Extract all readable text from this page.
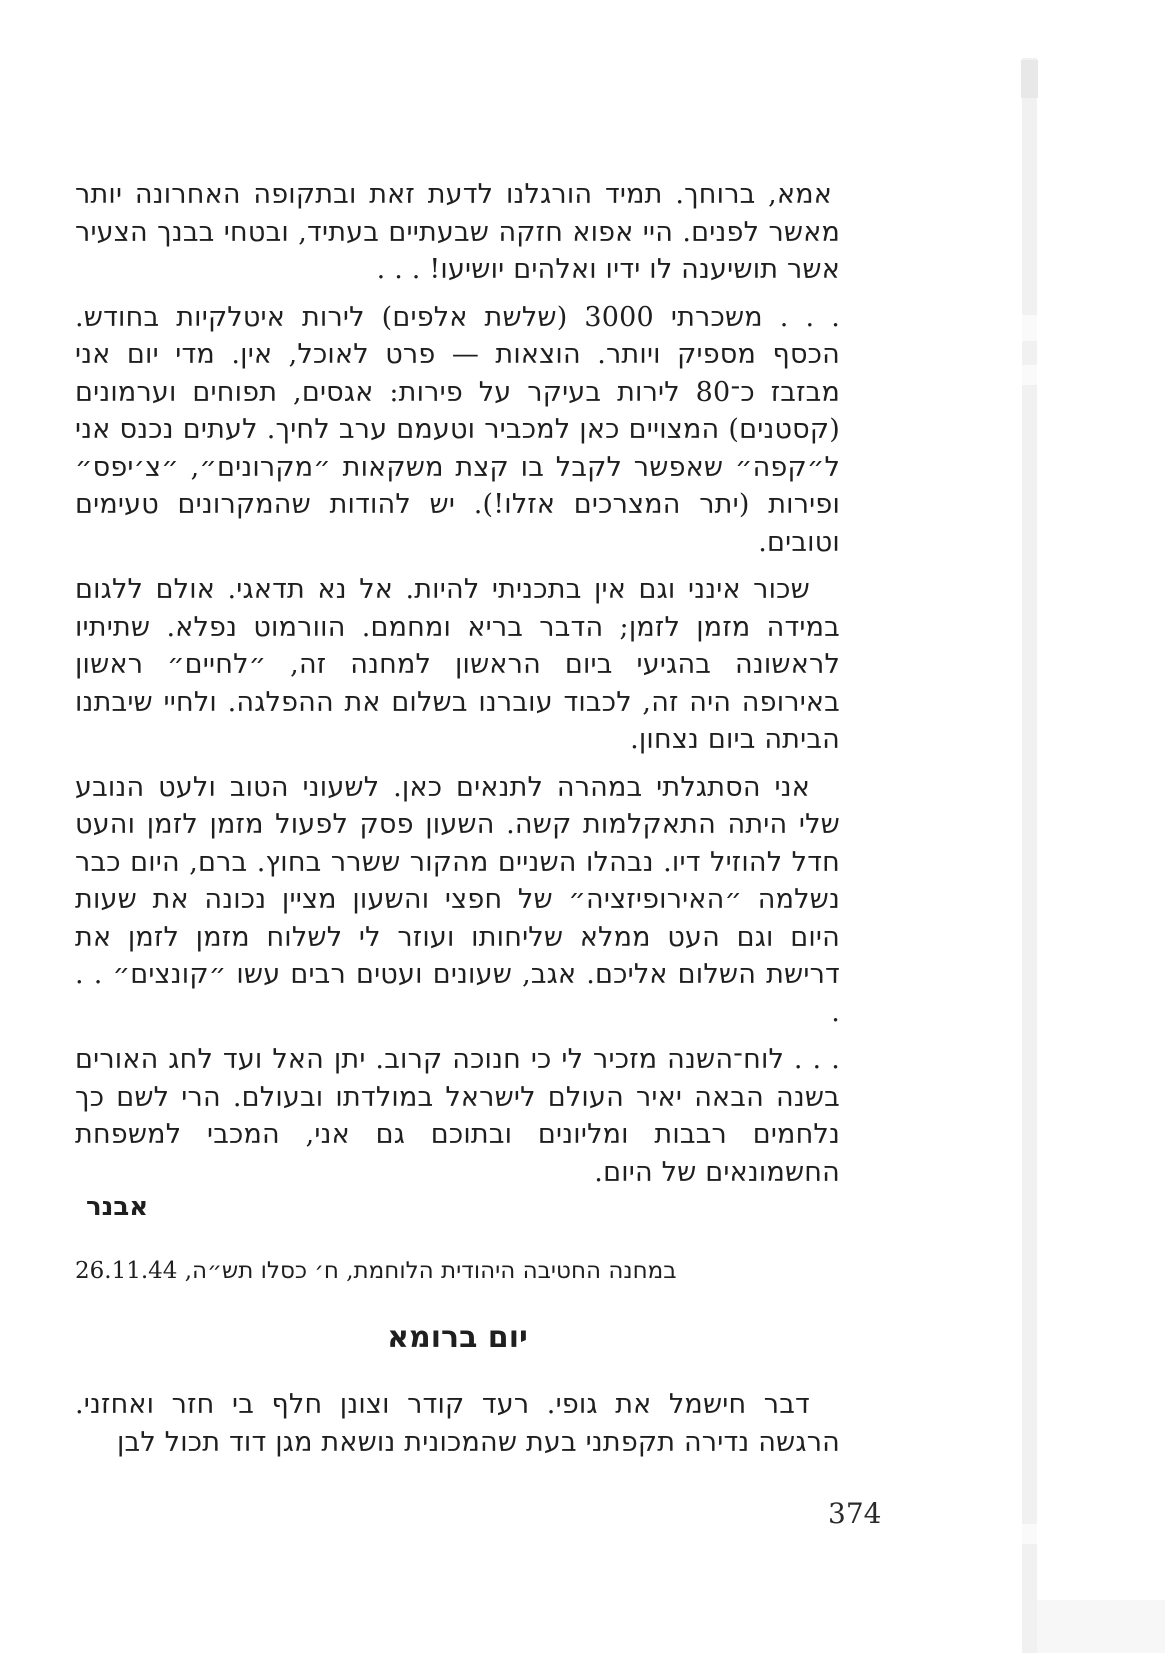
אמא, ברוחך. תמיד הורגלנו לדעת זאת ובתקופה האחרונה יותר מאשר לפנים. היי אפוא חזקה שבעתיים בעתיד, ובטחי בבנך הצעיר אשר תושיענה לו ידיו ואלהים יושיעו! . . .

. . . משכרתי 3000 (שלשת אלפים) לירות איטלקיות בחודש. הכסף מספיק ויותר. הוצאות — פרט לאוכל, אין. מדי יום אני מבזבז כ־80 לירות בעיקר על פירות: אגסים, תפוחים וערמונים (קסטנים) המצויים כאן למכביר וטעמם ערב לחיך. לעתים נכנס אני ל״קפה״ שאפשר לקבל בו קצת משקאות ״מקרונים״, ״צ׳יפס״ ופירות (יתר המצרכים אזלו!). יש להודות שהמקרונים טעימים וטובים.

שכור אינני וגם אין בתכניתי להיות. אל נא תדאגי. אולם ללגום במידה מזמן לזמן; הדבר בריא ומחמם. הוורמוט נפלא. שתיתיו לראשונה בהגיעי ביום הראשון למחנה זה, ״לחיים״ ראשון באירופה היה זה, לכבוד עוברנו בשלום את ההפלגה. ולחיי שיבתנו הביתה ביום נצחון.

אני הסתגלתי במהרה לתנאים כאן. לשעוני הטוב ולעט הנובע שלי היתה התאקלמות קשה. השעון פסק לפעול מזמן לזמן והעט חדל להוזיל דיו. נבהלו השניים מהקור ששרר בחוץ. ברם, היום כבר נשלמה ״האירופיזציה״ של חפצי והשעון מציין נכונה את שעות היום וגם העט ממלא שליחותו ועוזר לי לשלוח מזמן לזמן את דרישת השלום אליכם. אגב, שעונים ועטים רבים עשו ״קונצים״ . . .

. . . לוח־השנה מזכיר לי כי חנוכה קרוב. יתן האל ועד לחג האורים בשנה הבאה יאיר העולם לישראל במולדתו ובעולם. הרי לשם כך נלחמים רבבות ומליונים ובתוכם גם אני, המכבי למשפחת החשמונאים של היום.

אבנר
במחנה החטיבה היהודית הלוחמת, ח׳ כסלו תש״ה, 26.11.44
יום ברומא

דבר חישמל את גופי. רעד קודר וצונן חלף בי חזר ואחזני. הרגשה נדירה תקפתני בעת שהמכונית נושאת מגן דוד תכול לבן

374
